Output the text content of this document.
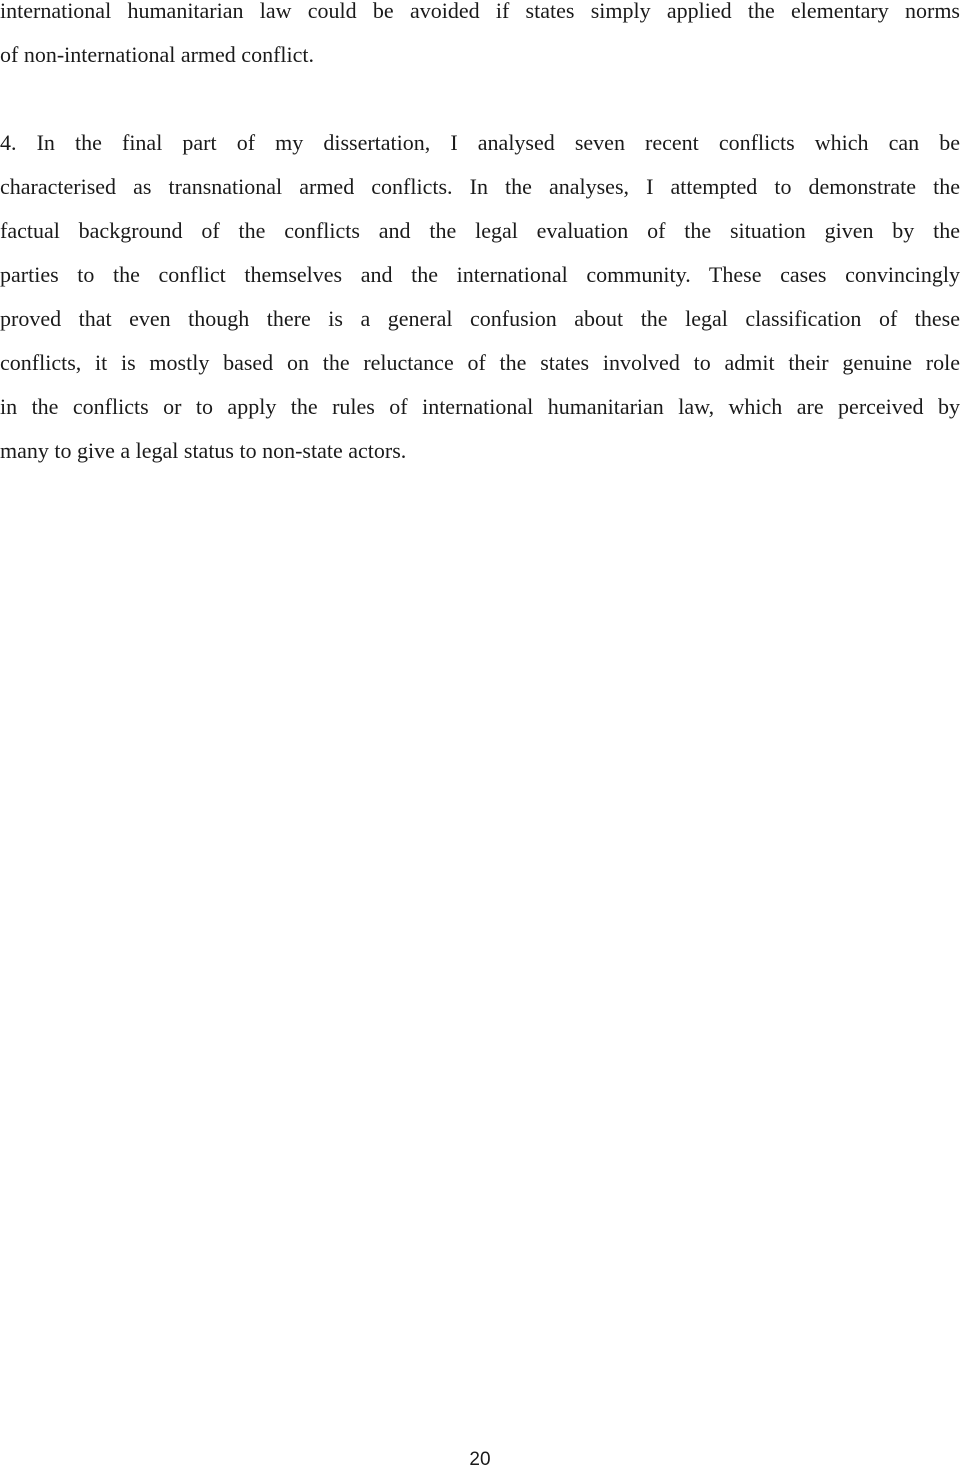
international humanitarian law could be avoided if states simply applied the elementary norms

of non-international armed conflict.

4. In the final part of my dissertation, I analysed seven recent conflicts which can be

characterised as transnational armed conflicts. In the analyses, I attempted to demonstrate the

factual background of the conflicts and the legal evaluation of the situation given by the

parties to the conflict themselves and the international community. These cases convincingly

proved that even though there is a general confusion about the legal classification of these

conflicts, it is mostly based on the reluctance of the states involved to admit their genuine role

in the conflicts or to apply the rules of international humanitarian law, which are perceived by

many to give a legal status to non-state actors.

20
